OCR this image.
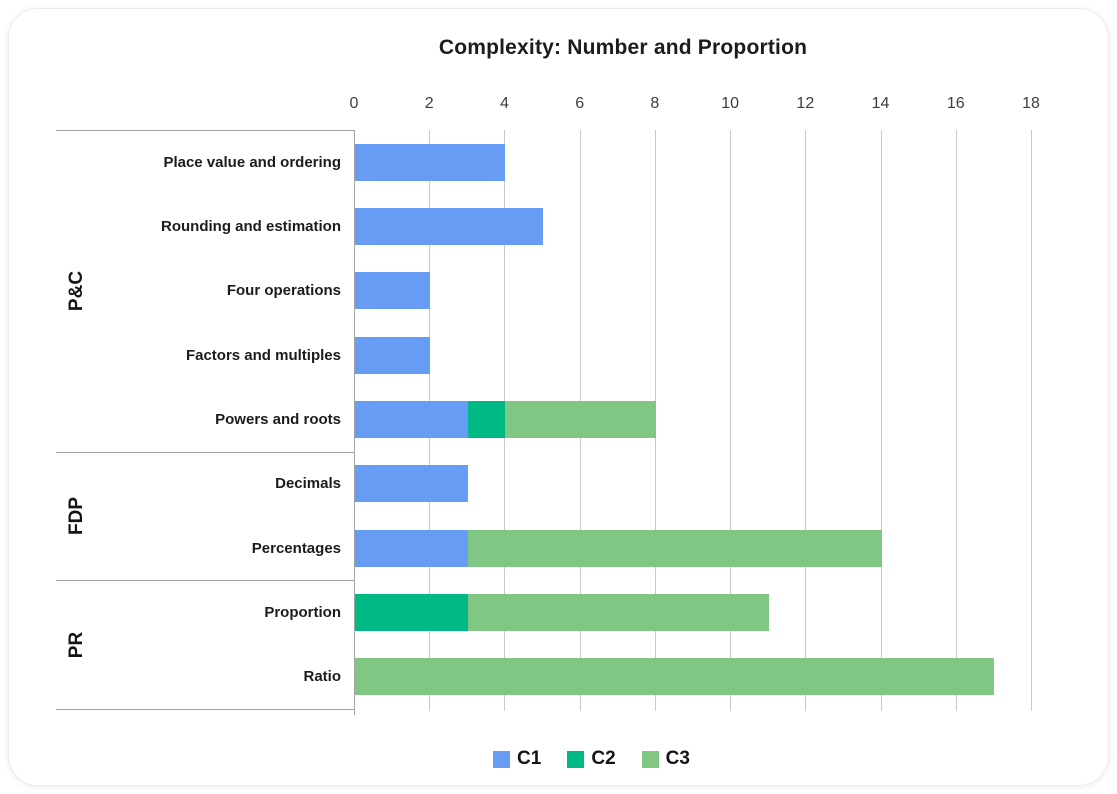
Complexity: Number and Proportion
0	2	4	6	8	10	12	14	16	18
Place value and ordering
Rounding and estimation
Four operations
Factors and multiples
Powers and roots
Decimals
Percentages
Proportion
Ratio
P&C
FDP
PR
C1	C2	C3
